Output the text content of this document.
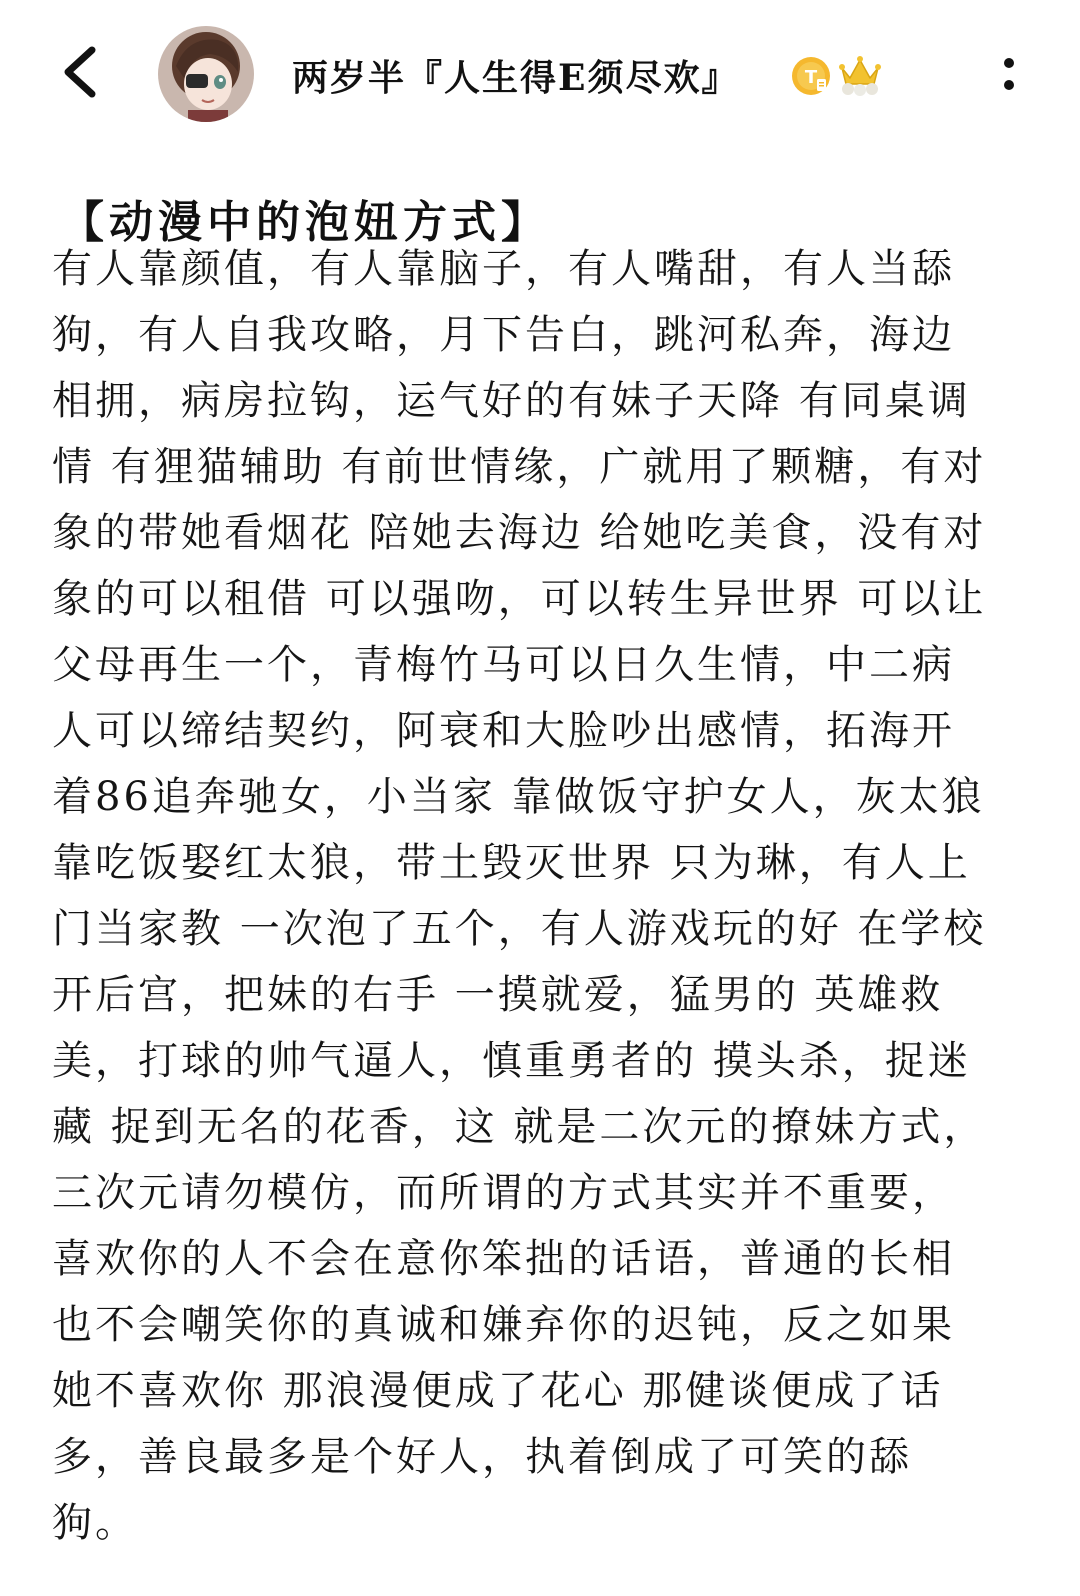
两岁半『人生得E须尽欢』	T
【动漫中的泡妞方式】
有人靠颜值，有人靠脑子，有人嘴甜，有人当舔
狗，有人自我攻略，月下告白，跳河私奔，海边
相拥，病房拉钩，运气好的有妹子天降 有同桌调
情 有狸猫辅助 有前世情缘，广就用了颗糖，有对
象的带她看烟花 陪她去海边 给她吃美食，没有对
象的可以租借 可以强吻，可以转生异世界 可以让
父母再生一个，青梅竹马可以日久生情，中二病
人可以缔结契约，阿衰和大脸吵出感情，拓海开
着86追奔驰女，小当家 靠做饭守护女人，灰太狼
靠吃饭娶红太狼，带土毁灭世界 只为琳，有人上
门当家教 一次泡了五个，有人游戏玩的好 在学校
开后宫，把妹的右手 一摸就爱，猛男的 英雄救
美，打球的帅气逼人，慎重勇者的 摸头杀，捉迷
藏 捉到无名的花香，这 就是二次元的撩妹方式，
三次元请勿模仿，而所谓的方式其实并不重要，
喜欢你的人不会在意你笨拙的话语，普通的长相
也不会嘲笑你的真诚和嫌弃你的迟钝，反之如果
她不喜欢你 那浪漫便成了花心 那健谈便成了话
多，善良最多是个好人，执着倒成了可笑的舔
狗。
